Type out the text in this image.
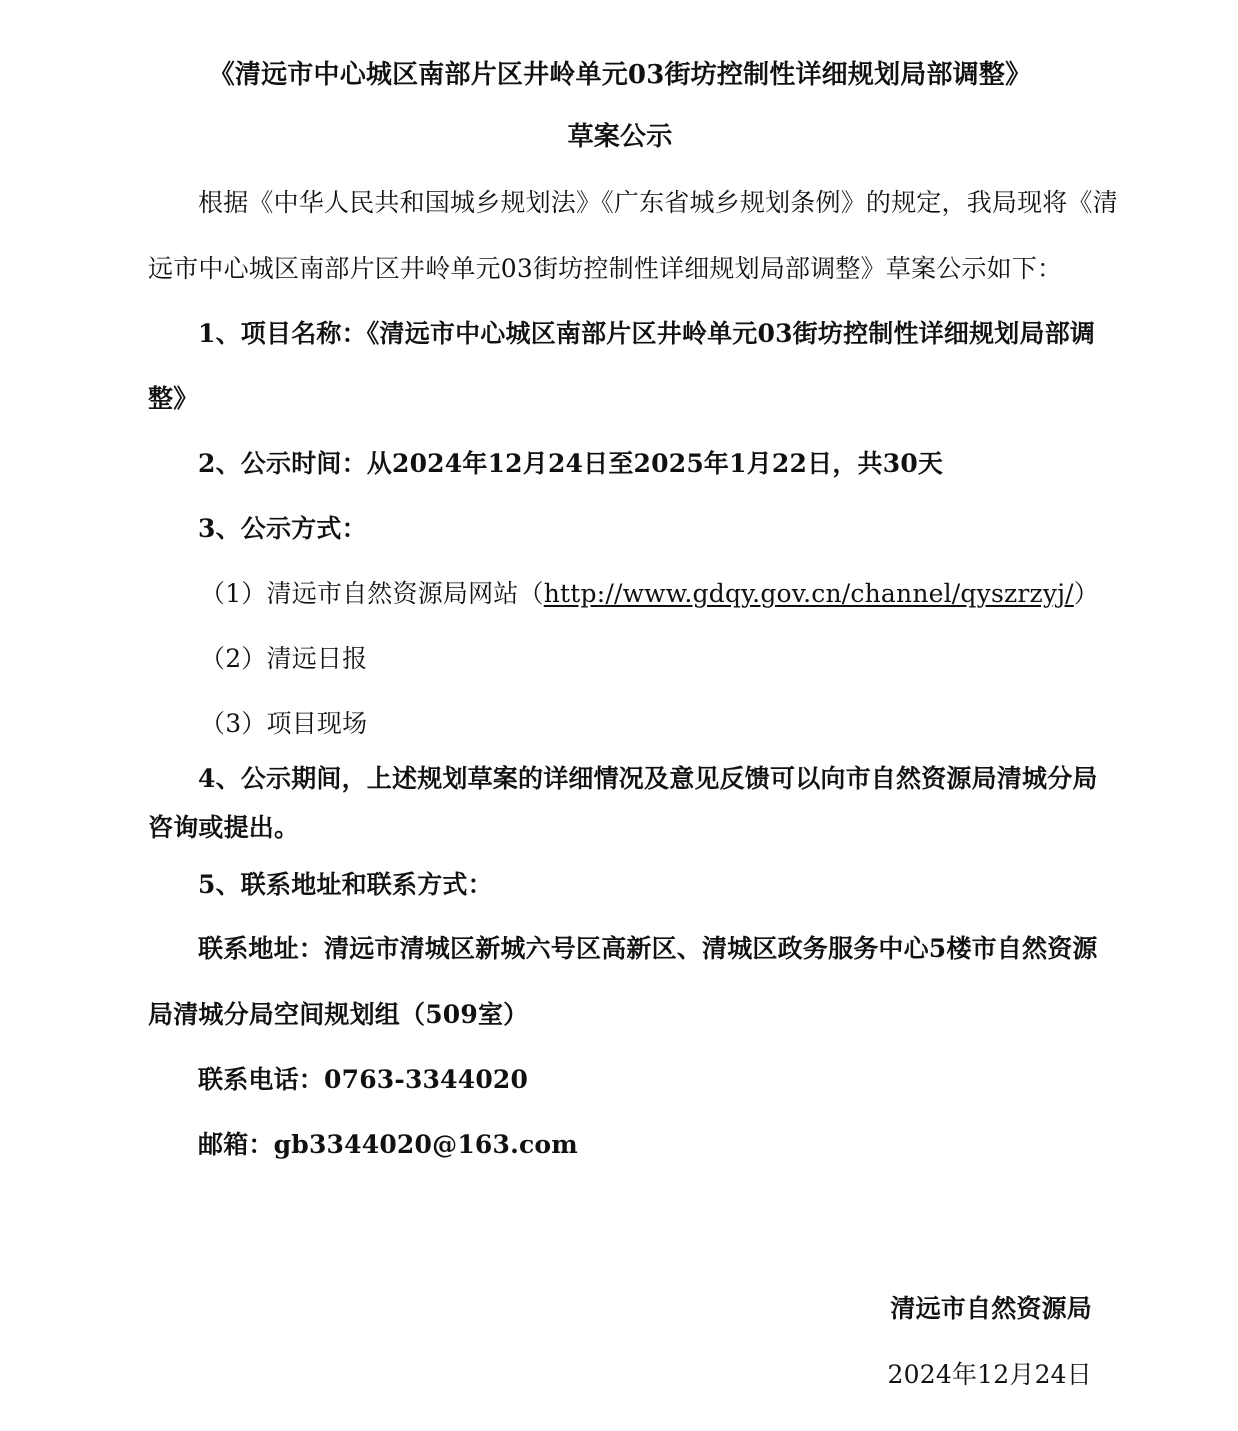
《清远市中心城区南部片区井岭单元03街坊控制性详细规划局部调整》
草案公示
根据《中华人民共和国城乡规划法》《广东省城乡规划条例》的规定，我局现将《清
远市中心城区南部片区井岭单元03街坊控制性详细规划局部调整》草案公示如下：
1、项目名称：《清远市中心城区南部片区井岭单元03街坊控制性详细规划局部调
整》
2、公示时间：从2024年12月24日至2025年1月22日，共30天
3、公示方式：
（1）清远市自然资源局网站（http://www.gdqy.gov.cn/channel/qyszrzyj/）
（2）清远日报
（3）项目现场
4、公示期间，上述规划草案的详细情况及意见反馈可以向市自然资源局清城分局
咨询或提出。
5、联系地址和联系方式：
联系地址：清远市清城区新城六号区高新区、清城区政务服务中心5楼市自然资源
局清城分局空间规划组（509室）
联系电话：0763-3344020
邮箱：gb3344020@163.com
清远市自然资源局
2024年12月24日
